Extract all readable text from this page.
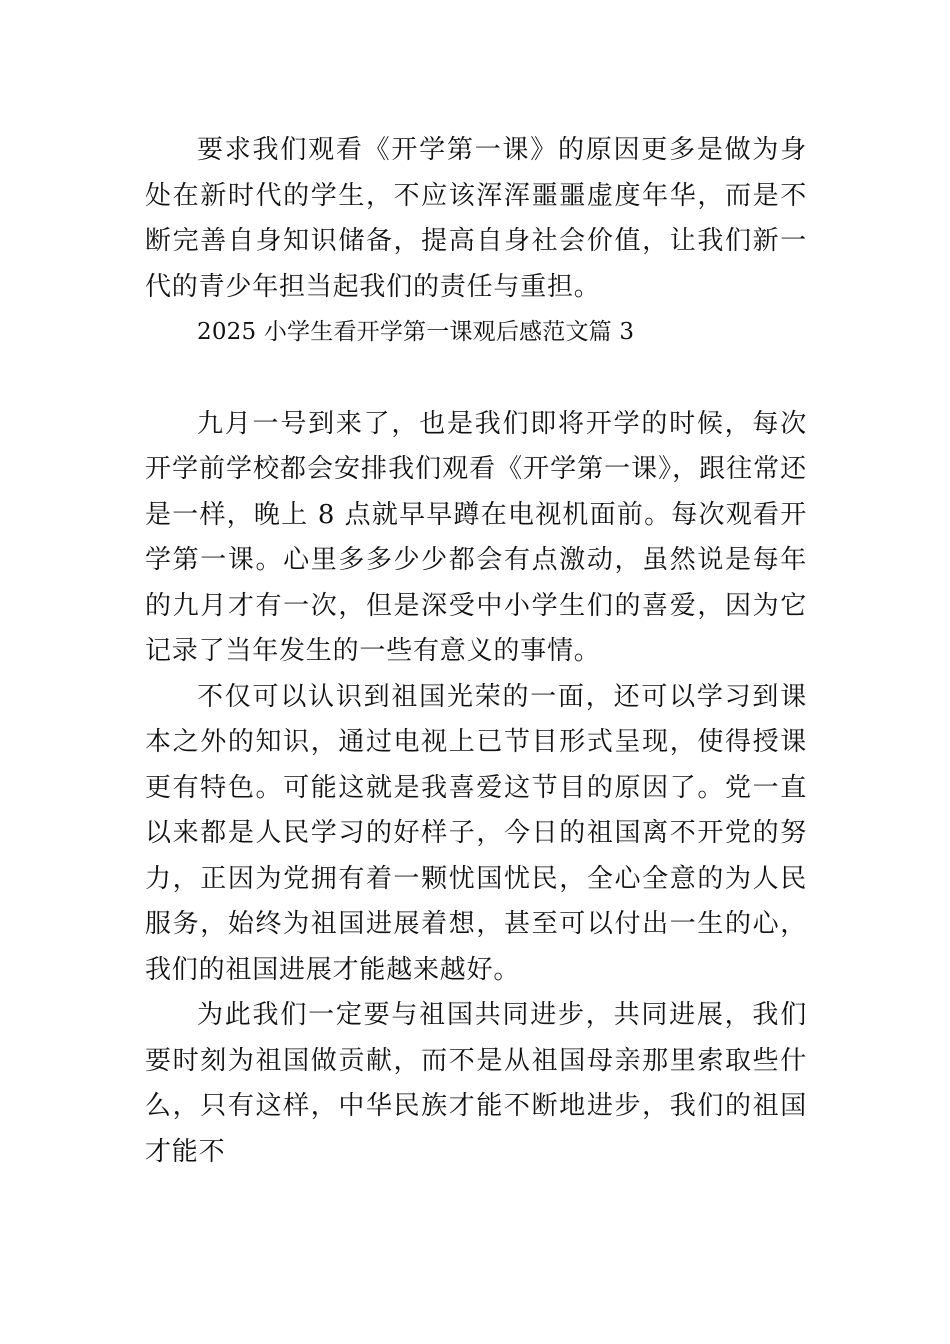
要求我们观看《开学第一课》的原因更多是做为身处在新时代的学生，不应该浑浑噩噩虚度年华，而是不断完善自身知识储备，提高自身社会价值，让我们新一代的青少年担当起我们的责任与重担。

2025 小学生看开学第一课观后感范文篇 3

九月一号到来了，也是我们即将开学的时候，每次开学前学校都会安排我们观看《开学第一课》，跟往常还是一样，晚上 8 点就早早蹲在电视机面前。每次观看开学第一课。心里多多少少都会有点激动，虽然说是每年的九月才有一次，但是深受中小学生们的喜爱，因为它记录了当年发生的一些有意义的事情。

不仅可以认识到祖国光荣的一面，还可以学习到课本之外的知识，通过电视上已节目形式呈现，使得授课更有特色。可能这就是我喜爱这节目的原因了。党一直以来都是人民学习的好样子，今日的祖国离不开党的努力，正因为党拥有着一颗忧国忧民，全心全意的为人民服务，始终为祖国进展着想，甚至可以付出一生的心，我们的祖国进展才能越来越好。

为此我们一定要与祖国共同进步，共同进展，我们要时刻为祖国做贡献，而不是从祖国母亲那里索取些什么，只有这样，中华民族才能不断地进步，我们的祖国才能不
